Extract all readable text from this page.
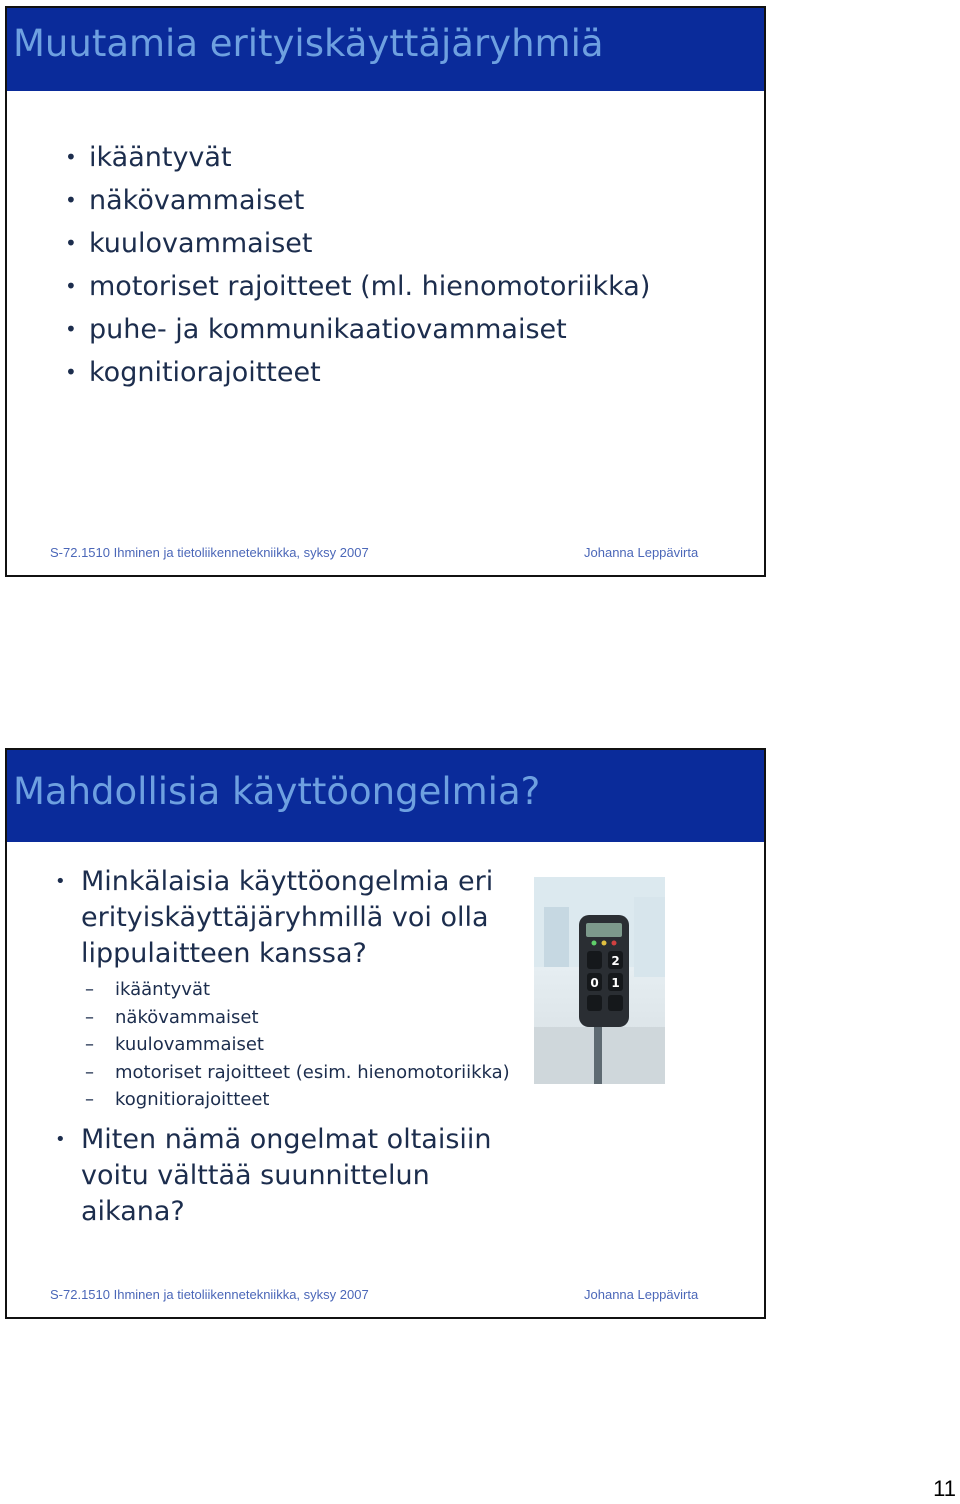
Muutamia erityiskäyttäjäryhmiä
• ikääntyvät
• näkövammaiset
• kuulovammaiset
• motoriset rajoitteet (ml. hienomotoriikka)
• puhe- ja kommunikaatiovammaiset
• kognitiorajoitteet
S-72.1510 Ihminen ja tietoliikennetekniikka, syksy 2007	Johanna Leppävirta
Mahdollisia käyttöongelmia?
• Minkälaisia käyttöongelmia eri erityiskäyttäjäryhmillä voi olla lippulaitteen kanssa?
– ikääntyvät
– näkövammaiset
– kuulovammaiset
– motoriset rajoitteet (esim. hienomotoriikka)
– kognitiorajoitteet
• Miten nämä ongelmat oltaisiin voitu välttää suunnittelun aikana?
2
0 1
S-72.1510 Ihminen ja tietoliikennetekniikka, syksy 2007	Johanna Leppävirta
11
